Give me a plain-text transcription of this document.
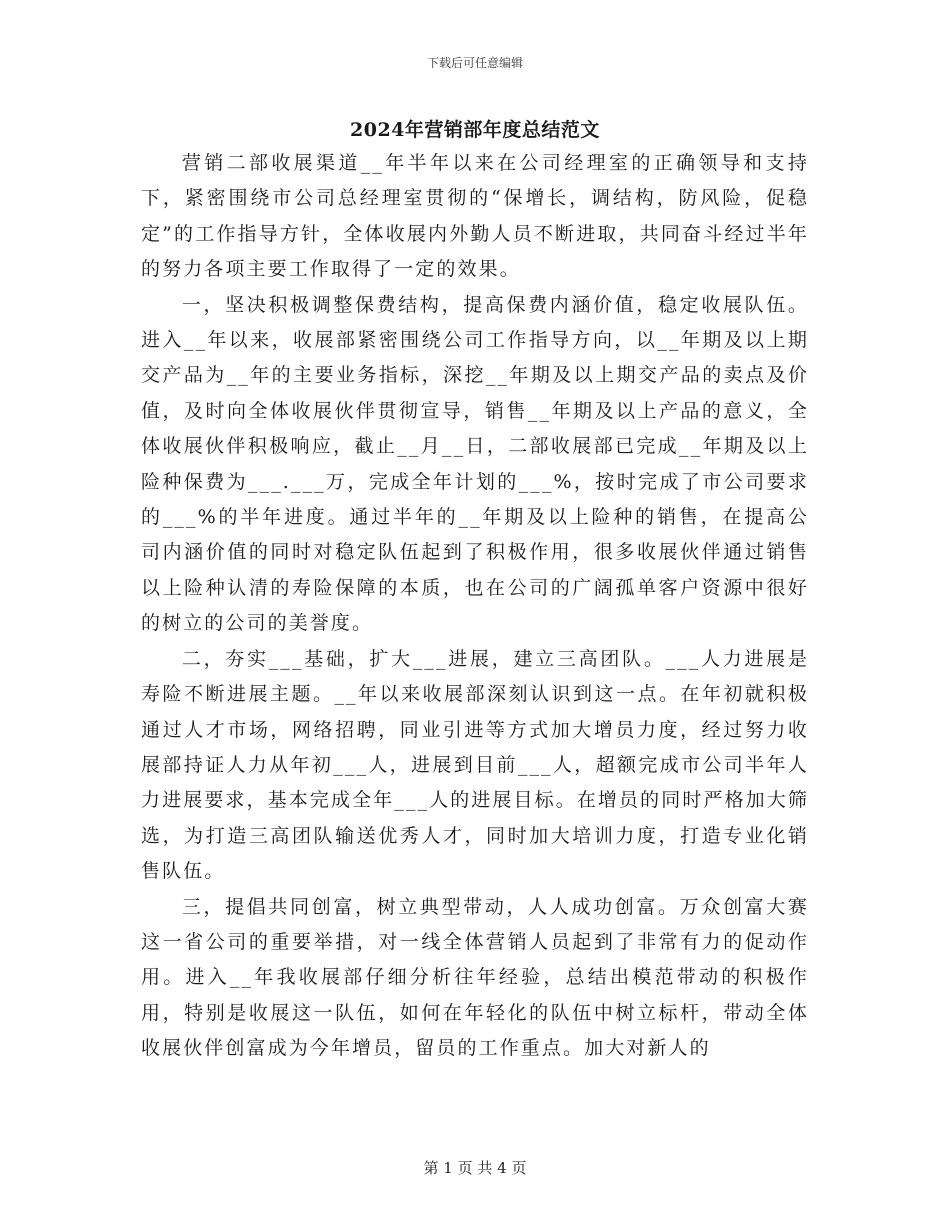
下载后可任意编辑
2024年营销部年度总结范文

营销二部收展渠道__年半年以来在公司经理室的正确领导和支持下，紧密围绕市公司总经理室贯彻的“保增长，调结构，防风险，促稳定”的工作指导方针，全体收展内外勤人员不断进取，共同奋斗经过半年的努力各项主要工作取得了一定的效果。

一，坚决积极调整保费结构，提高保费内涵价值，稳定收展队伍。进入__年以来，收展部紧密围绕公司工作指导方向，以__年期及以上期交产品为__年的主要业务指标，深挖__年期及以上期交产品的卖点及价值，及时向全体收展伙伴贯彻宣导，销售__年期及以上产品的意义，全体收展伙伴积极响应，截止__月__日，二部收展部已完成__年期及以上险种保费为___.___万，完成全年计划的___%，按时完成了市公司要求的___%的半年进度。通过半年的__年期及以上险种的销售，在提高公司内涵价值的同时对稳定队伍起到了积极作用，很多收展伙伴通过销售以上险种认清的寿险保障的本质，也在公司的广阔孤单客户资源中很好的树立的公司的美誉度。

二，夯实___基础，扩大___进展，建立三高团队。___人力进展是寿险不断进展主题。__年以来收展部深刻认识到这一点。在年初就积极通过人才市场，网络招聘，同业引进等方式加大增员力度，经过努力收展部持证人力从年初___人，进展到目前___人，超额完成市公司半年人力进展要求，基本完成全年___人的进展目标。在增员的同时严格加大筛选，为打造三高团队输送优秀人才，同时加大培训力度，打造专业化销售队伍。

三，提倡共同创富，树立典型带动，人人成功创富。万众创富大赛这一省公司的重要举措，对一线全体营销人员起到了非常有力的促动作用。进入__年我收展部仔细分析往年经验，总结出模范带动的积极作用，特别是收展这一队伍，如何在年轻化的队伍中树立标杆，带动全体收展伙伴创富成为今年增员，留员的工作重点。加大对新人的

第 1 页 共 4 页
